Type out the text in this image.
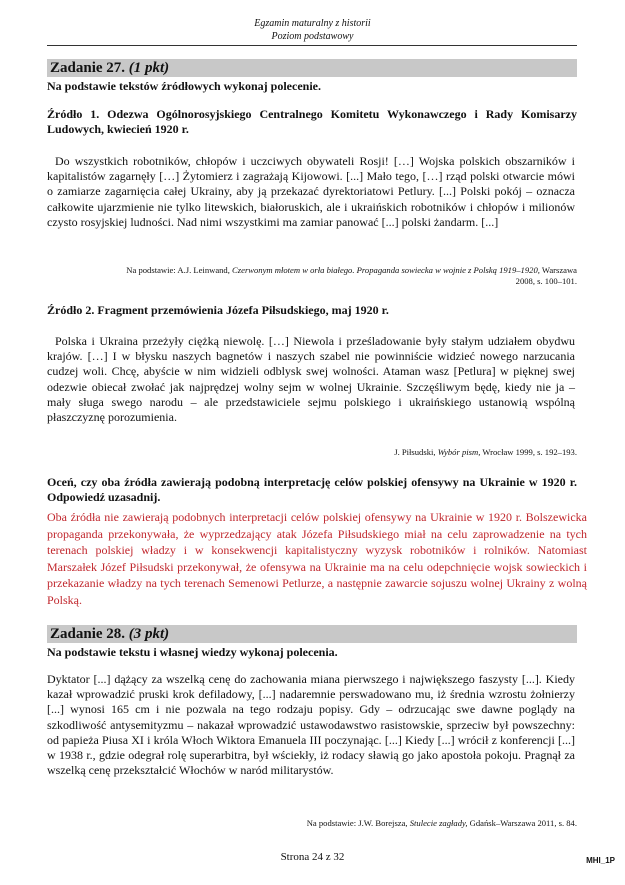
Egzamin maturalny z historii
Poziom podstawowy
Zadanie 27. (1 pkt)
Na podstawie tekstów źródłowych wykonaj polecenie.
Źródło 1. Odezwa Ogólnorosyjskiego Centralnego Komitetu Wykonawczego i Rady Komisarzy Ludowych, kwiecień 1920 r.
Do wszystkich robotników, chłopów i uczciwych obywateli Rosji! […] Wojska polskich obszarników i kapitalistów zagarnęły […] Żytomierz i zagrażają Kijowowi. [...] Mało tego, […] rząd polski otwarcie mówi o zamiarze zagarnięcia całej Ukrainy, aby ją przekazać dyrektoriatowi Petlury. [...] Polski pokój – oznacza całkowite ujarzmienie nie tylko litewskich, białoruskich, ale i ukraińskich robotników i chłopów i milionów czysto rosyjskiej ludności. Nad nimi wszystkimi ma zamiar panować [...] polski żandarm. [...]
Na podstawie: A.J. Leinwand, Czerwonym młotem w orła białego. Propaganda sowiecka w wojnie z Polską 1919–1920, Warszawa 2008, s. 100–101.
Źródło 2. Fragment przemówienia Józefa Piłsudskiego, maj 1920 r.
Polska i Ukraina przeżyły ciężką niewolę. […] Niewola i prześladowanie były stałym udziałem obydwu krajów. […] I w błysku naszych bagnetów i naszych szabel nie powinniście widzieć nowego narzucania cudzej woli. Chcę, abyście w nim widzieli odblysk swej wolności. Ataman wasz [Petlura] w pięknej swej odezwie obiecał zwołać jak najprędzej wolny sejm w wolnej Ukrainie. Szczęśliwym będę, kiedy nie ja – mały sługa swego narodu – ale przedstawiciele sejmu polskiego i ukraińskiego ustanowią wspólną płaszczyznę porozumienia.
J. Piłsudski, Wybór pism, Wrocław 1999, s. 192–193.
Oceń, czy oba źródła zawierają podobną interpretację celów polskiej ofensywy na Ukrainie w 1920 r. Odpowiedź uzasadnij.
Oba źródła nie zawierają podobnych interpretacji celów polskiej ofensywy na Ukrainie w 1920 r. Bolszewicka propaganda przekonywała, że wyprzedzający atak Józefa Piłsudskiego miał na celu zaprowadzenie na tych terenach polskiej władzy i w konsekwencji kapitalistyczny wyzysk robotników i rolników. Natomiast Marszałek Józef Piłsudski przekonywał, że ofensywa na Ukrainie ma na celu odepchnięcie wojsk sowieckich i przekazanie władzy na tych terenach Semenowi Petlurze, a następnie zawarcie sojuszu wolnej Ukrainy z wolną Polską.
Zadanie 28. (3 pkt)
Na podstawie tekstu i własnej wiedzy wykonaj polecenia.
Dyktator [...] dążący za wszelką cenę do zachowania miana pierwszego i największego faszysty [...]. Kiedy kazał wprowadzić pruski krok defiladowy, [...] nadaremnie perswadowano mu, iż średnia wzrostu żołnierzy [...] wynosi 165 cm i nie pozwala na tego rodzaju popisy. Gdy – odrzucając swe dawne poglądy na szkodliwość antysemityzmu – nakazał wprowadzić ustawodawstwo rasistowskie, sprzeciw był powszechny: od papieża Piusa XI i króla Włoch Wiktora Emanuela III poczynając. [...] Kiedy [...] wrócił z konferencji [...] w 1938 r., gdzie odegrał rolę superarbitra, był wściekły, iż rodacy sławią go jako apostoła pokoju. Pragnął za wszelką cenę przekształcić Włochów w naród militarystów.
Na podstawie: J.W. Borejsza, Stulecie zagłady, Gdańsk–Warszawa 2011, s. 84.
Strona 24 z 32	MHI_1P
